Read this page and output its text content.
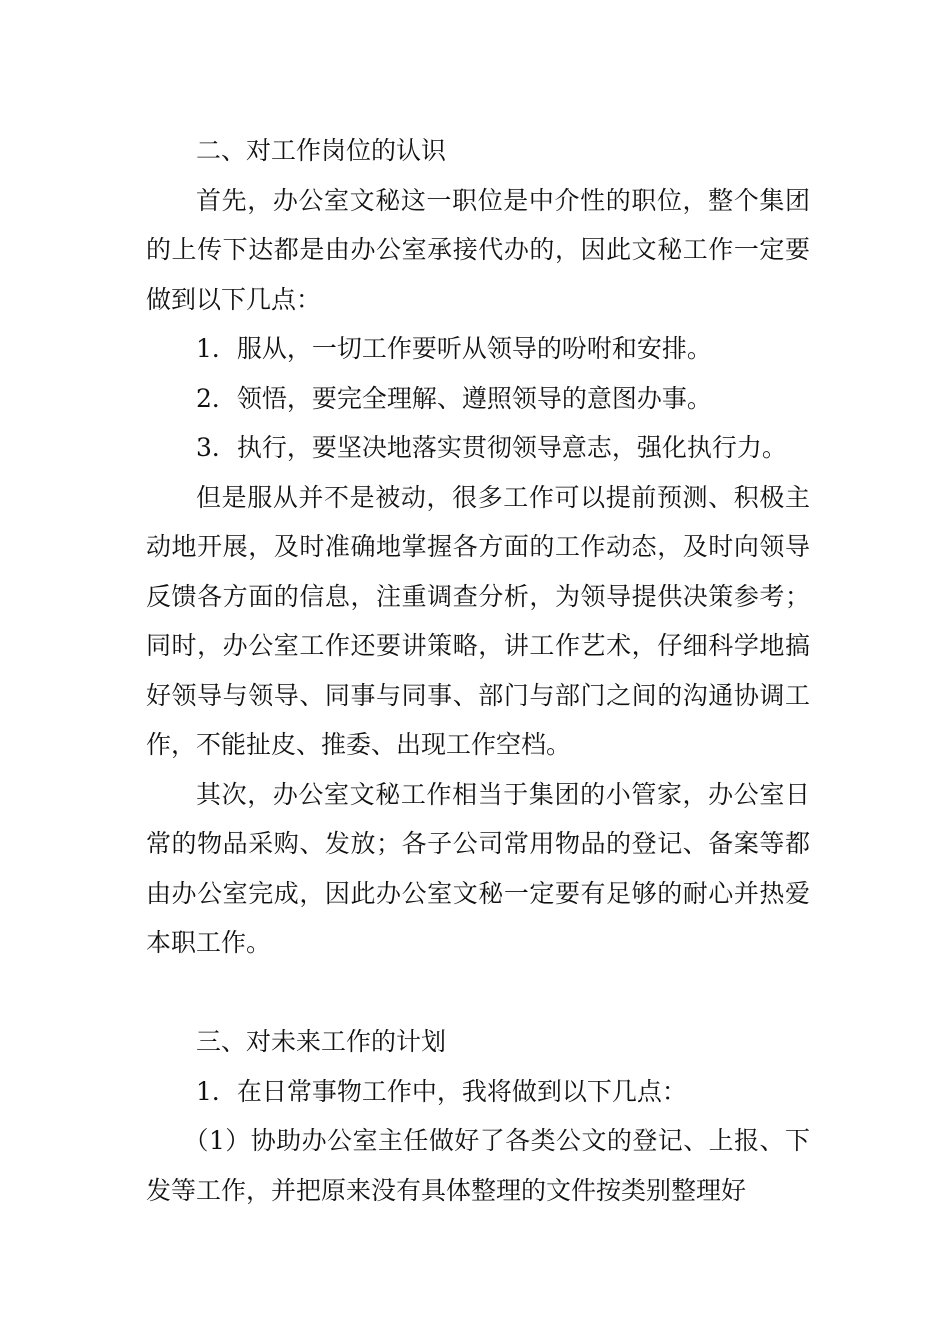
二、对工作岗位的认识

首先，办公室文秘这一职位是中介性的职位，整个集团的上传下达都是由办公室承接代办的，因此文秘工作一定要做到以下几点：

1．服从，一切工作要听从领导的吩咐和安排。

2．领悟，要完全理解、遵照领导的意图办事。

3．执行，要坚决地落实贯彻领导意志，强化执行力。

但是服从并不是被动，很多工作可以提前预测、积极主动地开展，及时准确地掌握各方面的工作动态，及时向领导反馈各方面的信息，注重调查分析，为领导提供决策参考；同时，办公室工作还要讲策略，讲工作艺术，仔细科学地搞好领导与领导、同事与同事、部门与部门之间的沟通协调工作，不能扯皮、推委、出现工作空档。

其次，办公室文秘工作相当于集团的小管家，办公室日常的物品采购、发放；各子公司常用物品的登记、备案等都由办公室完成，因此办公室文秘一定要有足够的耐心并热爱本职工作。

三、对未来工作的计划

1．在日常事物工作中，我将做到以下几点：

（1）协助办公室主任做好了各类公文的登记、上报、下发等工作，并把原来没有具体整理的文件按类别整理好
